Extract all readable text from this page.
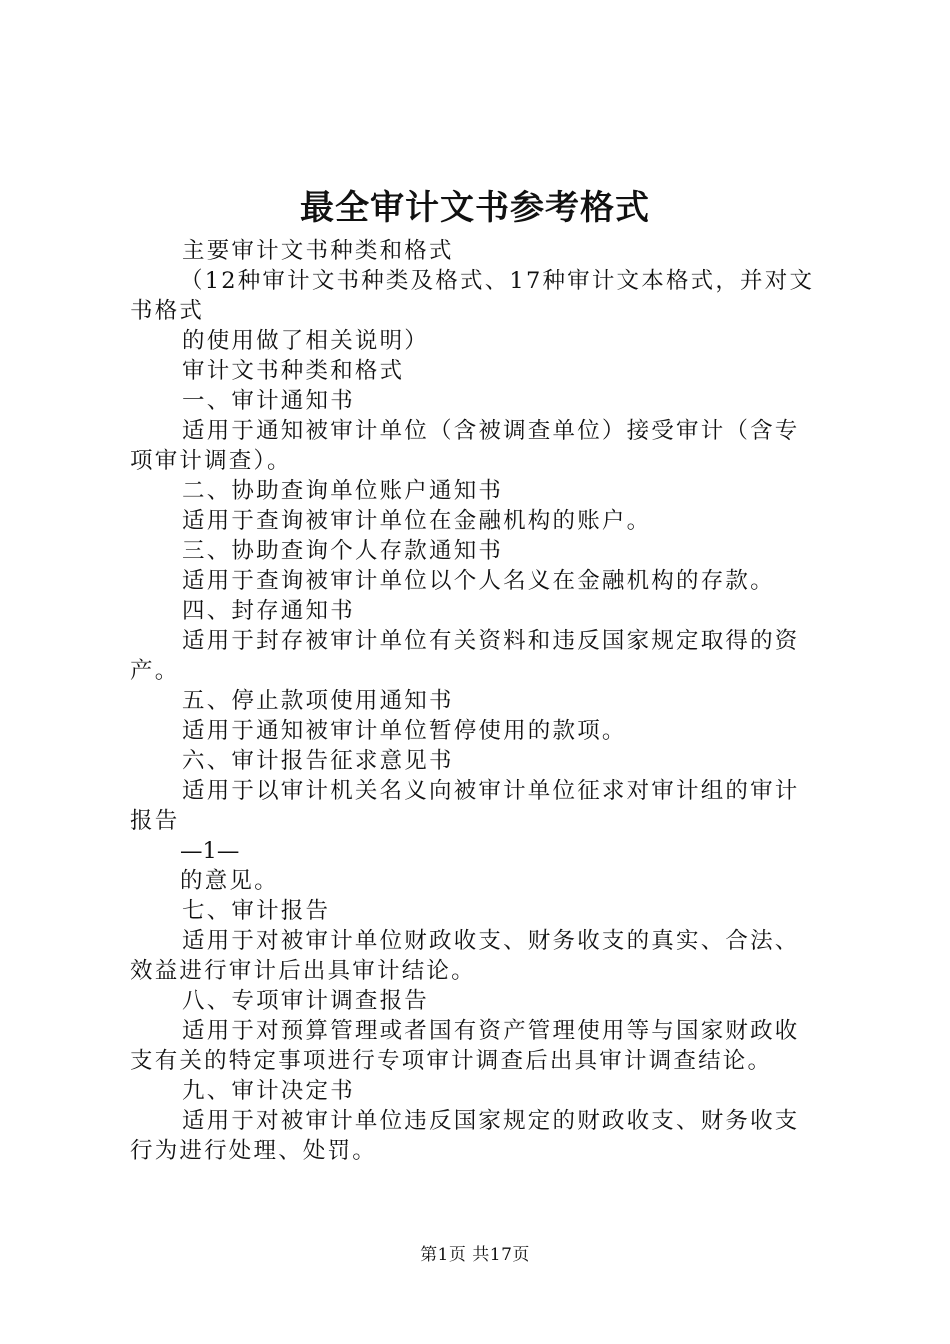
最全审计文书参考格式
主要审计文书种类和格式
（12种审计文书种类及格式、17种审计文本格式，并对文
书格式
的使用做了相关说明）
审计文书种类和格式
一、审计通知书
适用于通知被审计单位（含被调查单位）接受审计（含专
项审计调查）。
二、协助查询单位账户通知书
适用于查询被审计单位在金融机构的账户。
三、协助查询个人存款通知书
适用于查询被审计单位以个人名义在金融机构的存款。
四、封存通知书
适用于封存被审计单位有关资料和违反国家规定取得的资
产。
五、停止款项使用通知书
适用于通知被审计单位暂停使用的款项。
六、审计报告征求意见书
适用于以审计机关名义向被审计单位征求对审计组的审计
报告
—1—
的意见。
七、审计报告
适用于对被审计单位财政收支、财务收支的真实、合法、
效益进行审计后出具审计结论。
八、专项审计调查报告
适用于对预算管理或者国有资产管理使用等与国家财政收
支有关的特定事项进行专项审计调查后出具审计调查结论。
九、审计决定书
适用于对被审计单位违反国家规定的财政收支、财务收支
行为进行处理、处罚。
第1页 共17页
